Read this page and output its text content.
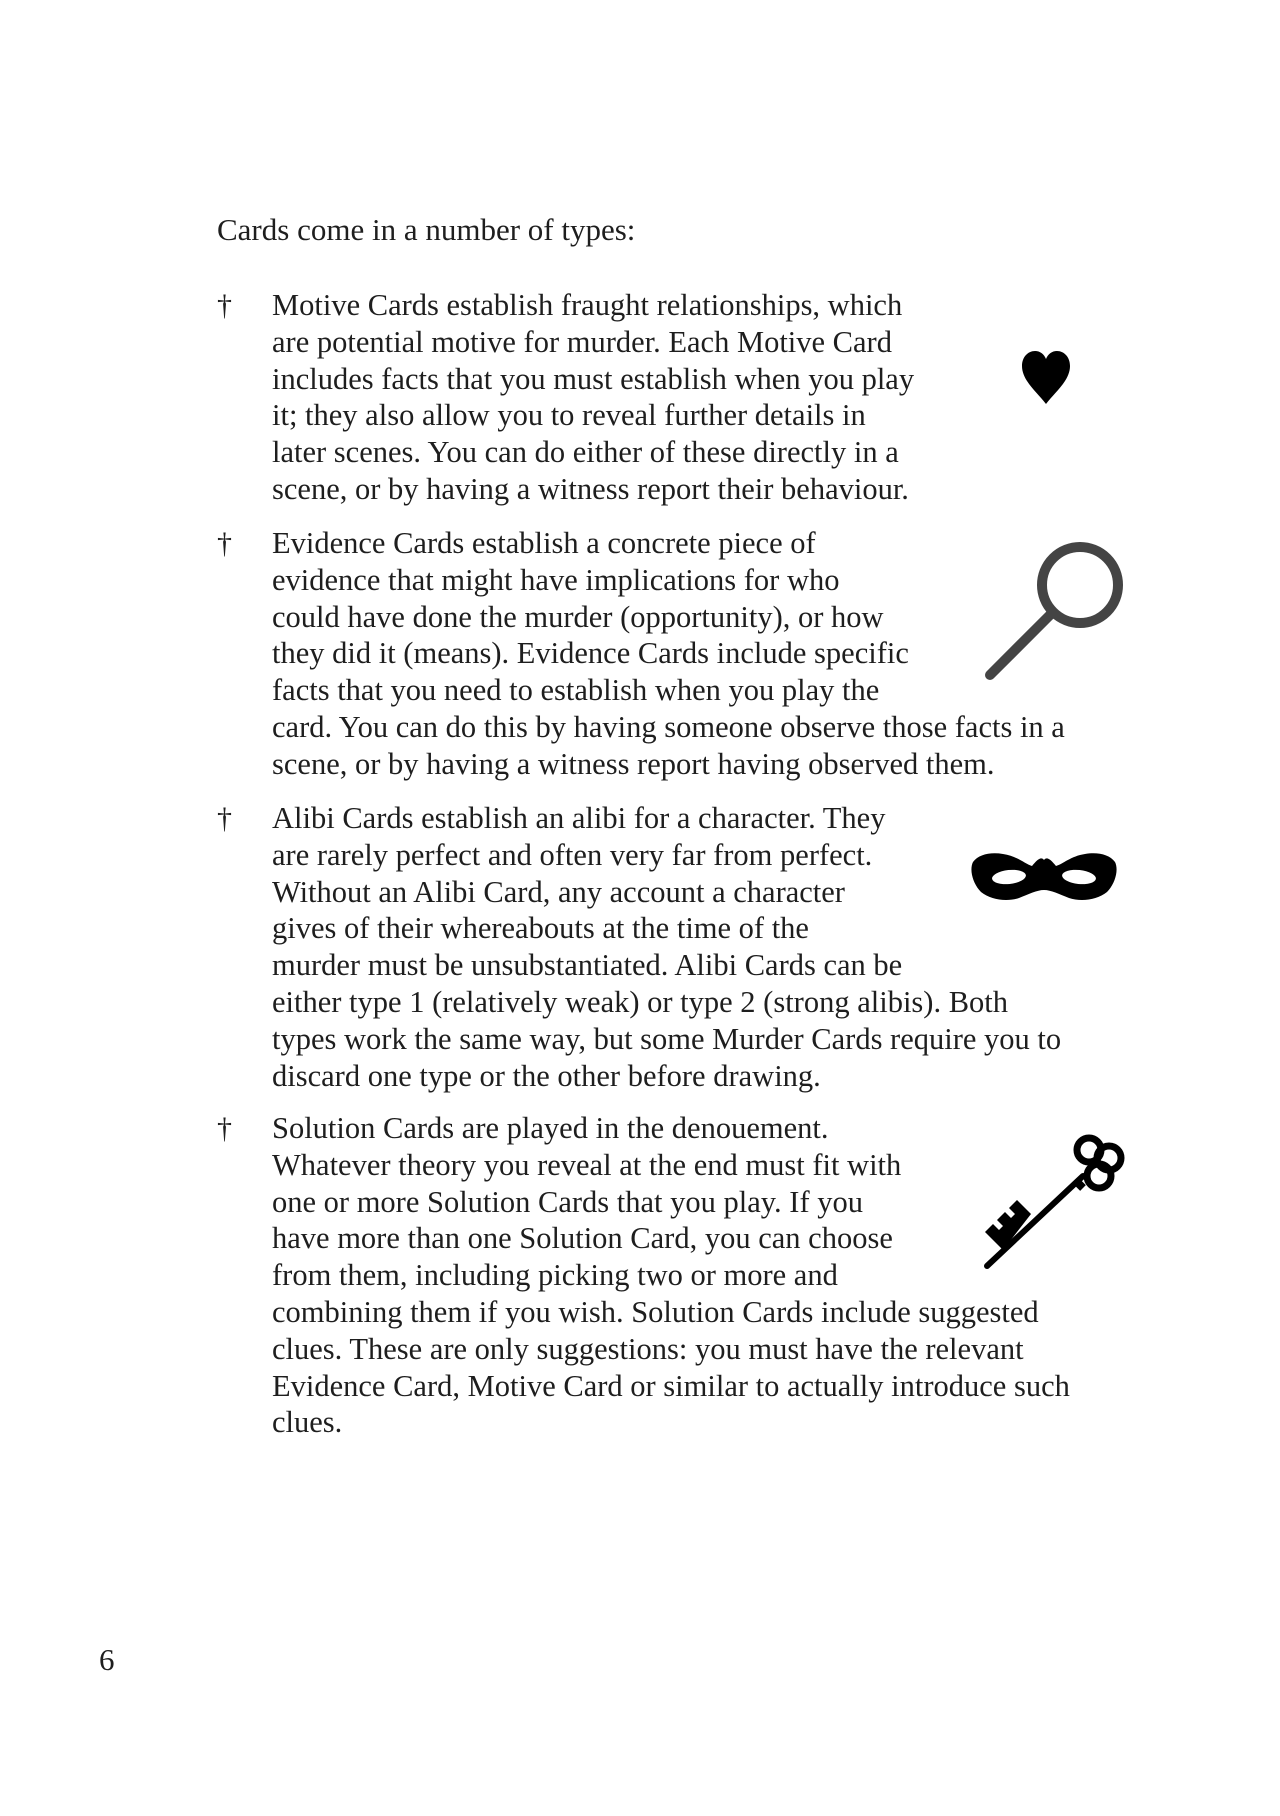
Cards come in a number of types:

† Motive Cards establish fraught relationships, which
are potential motive for murder. Each Motive Card
includes facts that you must establish when you play
it; they also allow you to reveal further details in
later scenes. You can do either of these directly in a
scene, or by having a witness report their behaviour.

† Evidence Cards establish a concrete piece of
evidence that might have implications for who
could have done the murder (opportunity), or how
they did it (means). Evidence Cards include specific
facts that you need to establish when you play the
card. You can do this by having someone observe those facts in a
scene, or by having a witness report having observed them.

† Alibi Cards establish an alibi for a character. They
are rarely perfect and often very far from perfect.
Without an Alibi Card, any account a character
gives of their whereabouts at the time of the
murder must be unsubstantiated. Alibi Cards can be
either type 1 (relatively weak) or type 2 (strong alibis). Both
types work the same way, but some Murder Cards require you to
discard one type or the other before drawing.

† Solution Cards are played in the denouement.
Whatever theory you reveal at the end must fit with
one or more Solution Cards that you play. If you
have more than one Solution Card, you can choose
from them, including picking two or more and
combining them if you wish. Solution Cards include suggested
clues. These are only suggestions: you must have the relevant
Evidence Card, Motive Card or similar to actually introduce such
clues.

6
